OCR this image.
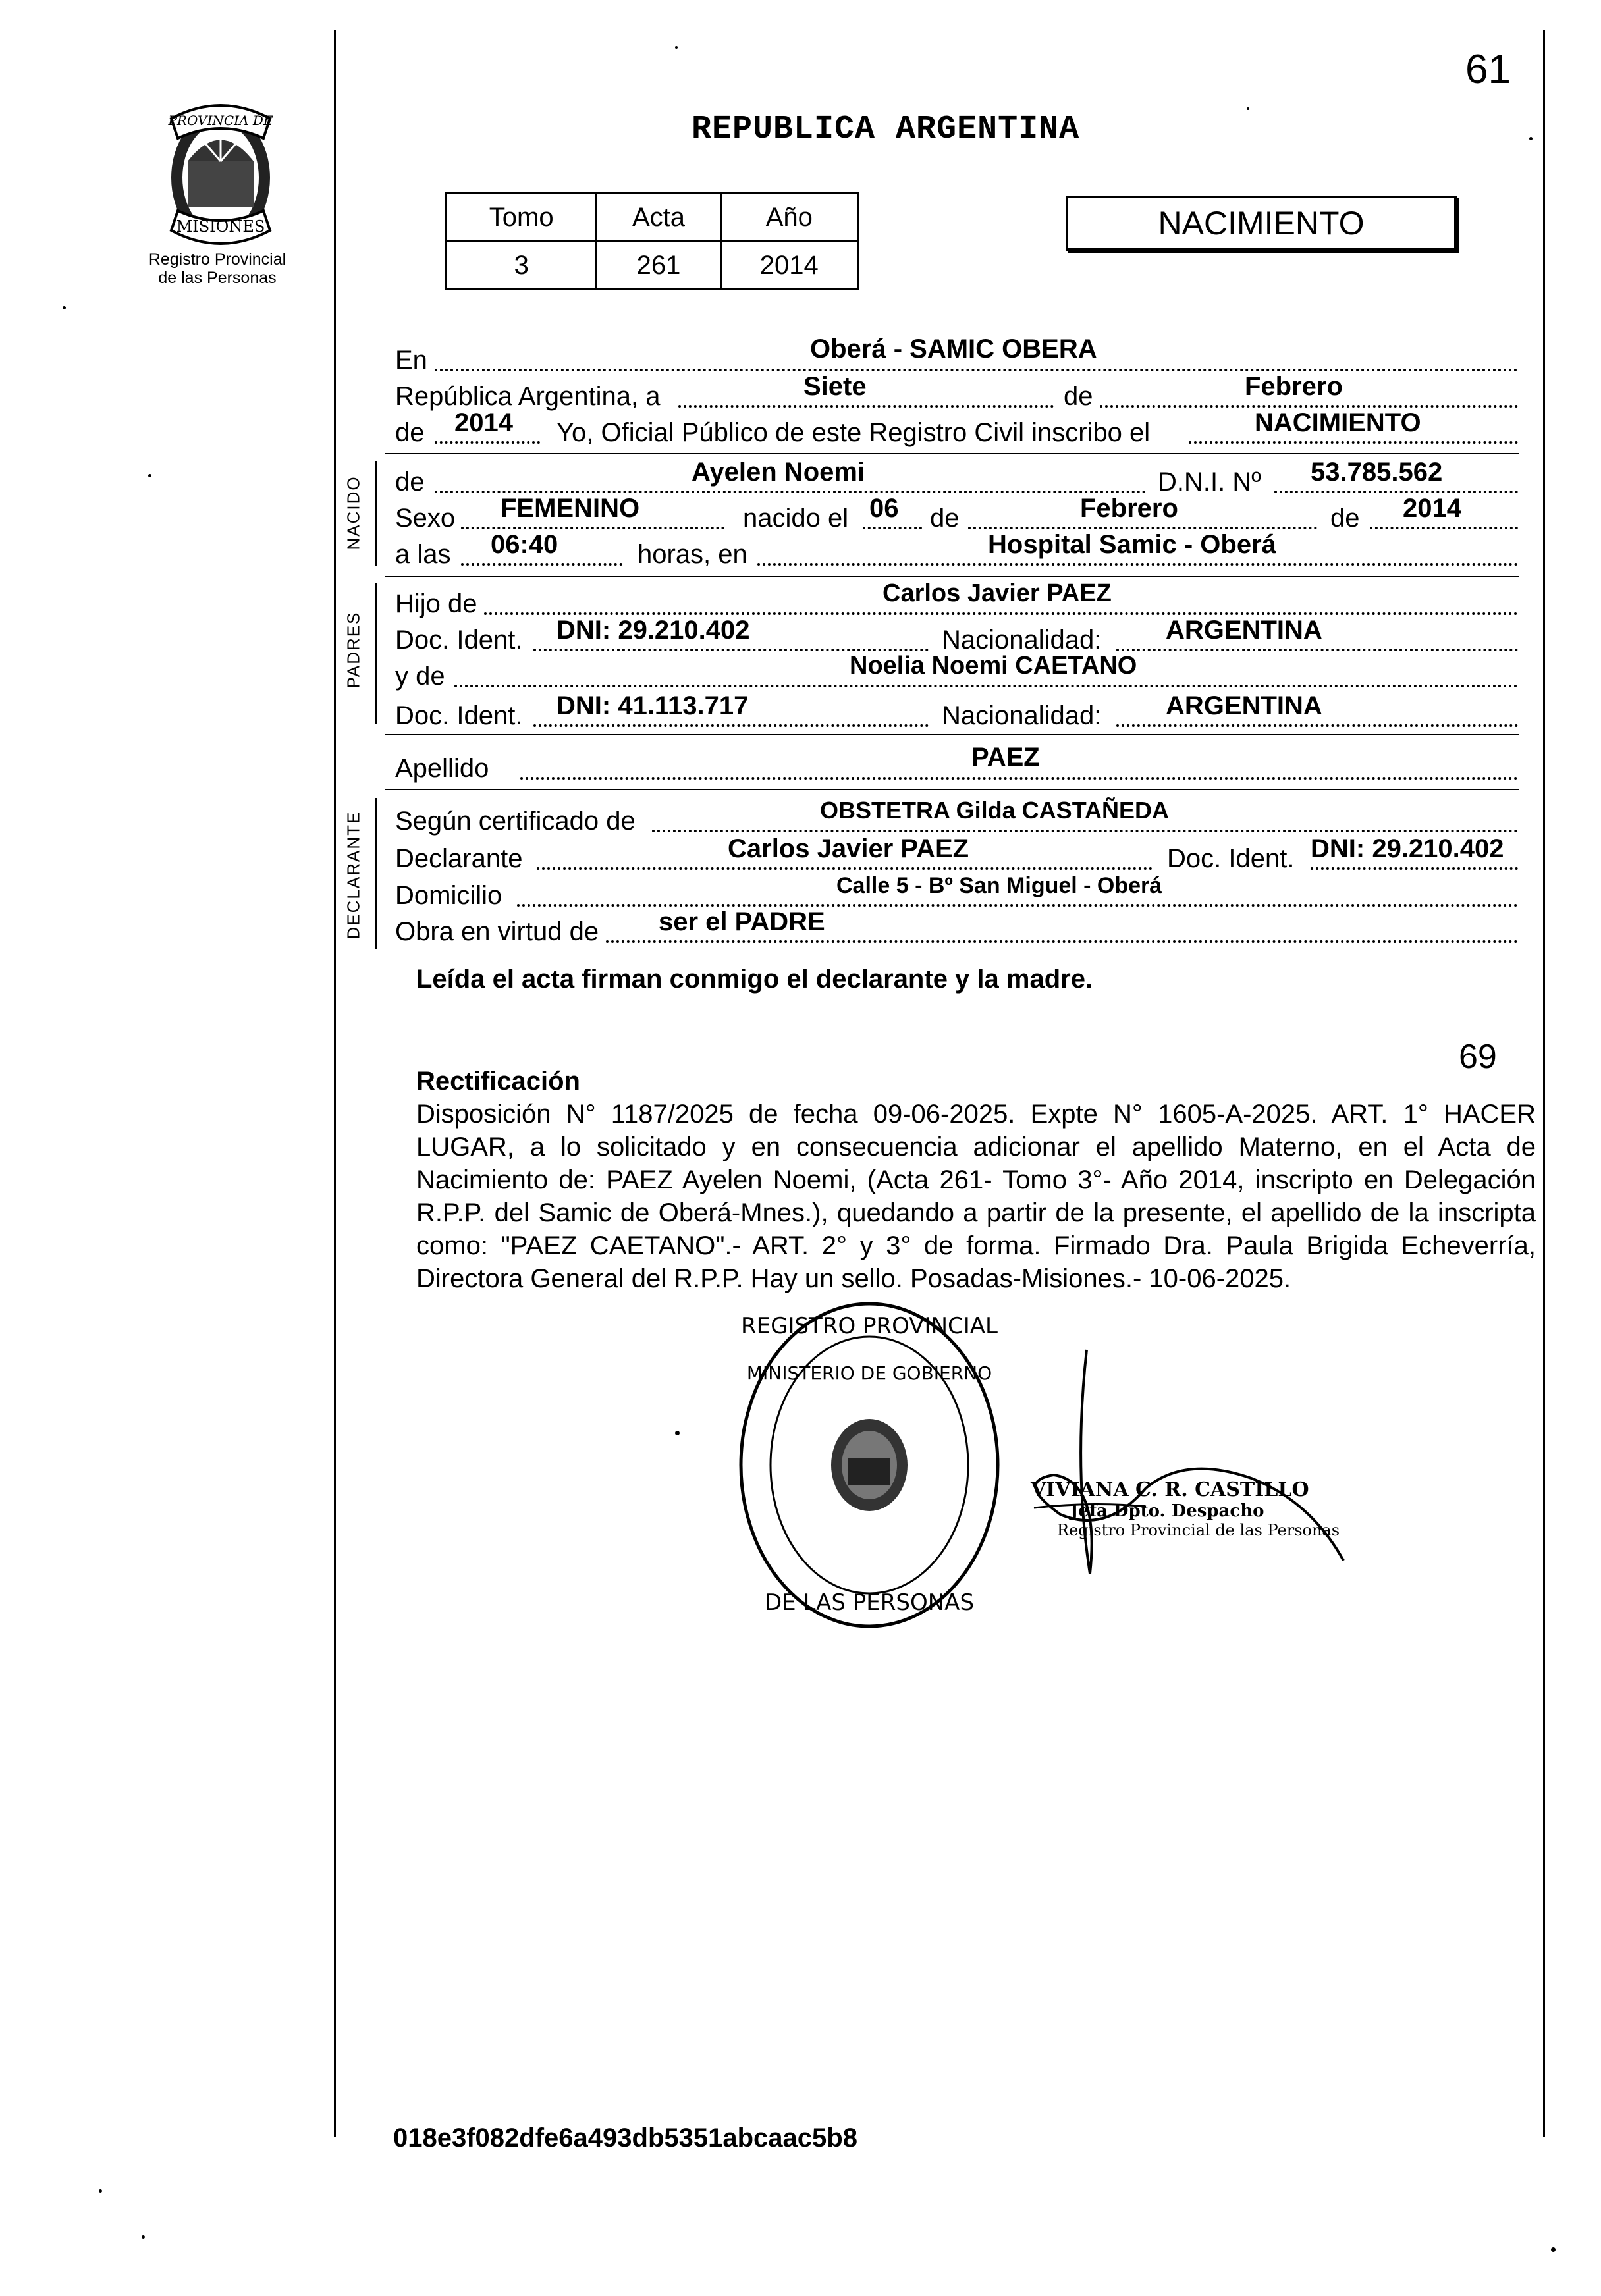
61
PROVINCIA DE
MISIONES
Registro Provincial
de las Personas
REPUBLICA ARGENTINA
Tomo	Acta	Año
3	261	2014
NACIMIENTO
En	Oberá - SAMIC OBERA
República Argentina, a	Siete	de	Febrero
de 2014 Yo, Oficial Público de este Registro Civil inscribo el	NACIMIENTO
NACIDO de	Ayelen Noemi	D.N.I. Nº 53.785.562
Sexo FEMENINO	nacido el 06 de	Febrero	de 2014
a las 06:40	horas, en	Hospital Samic - Oberá
PADRES
Hijo de	Carlos Javier PAEZ
Doc. Ident. DNI: 29.210.402	Nacionalidad: ARGENTINA
y de	Noelia Noemi CAETANO
Doc. Ident. DNI: 41.113.717	Nacionalidad: ARGENTINA
Apellido	PAEZ
DECLARANTE Según certificado de	OBSTETRA Gilda CASTAÑEDA
Declarante	Carlos Javier PAEZ	Doc. Ident. DNI: 29.210.402
Domicilio	Calle 5 - Bº San Miguel - Oberá
Obra en virtud de ser el PADRE
Leída el acta firman conmigo el declarante y la madre.
69
Rectificación
Disposición N° 1187/2025 de fecha 09-06-2025. Expte N° 1605-A-2025. ART. 1° HACER LUGAR, a lo solicitado y en consecuencia adicionar el apellido Materno, en el Acta de Nacimiento de: PAEZ Ayelen Noemi, (Acta 261- Tomo 3°- Año 2014, inscripto en Delegación R.P.P. del Samic de Oberá-Mnes.), quedando a partir de la presente, el apellido de la inscripta como: "PAEZ CAETANO".- ART. 2° y 3° de forma. Firmado Dra. Paula Brigida Echeverría, Directora General del R.P.P. Hay un sello. Posadas-Misiones.- 10-06-2025.
REGISTRO PROVINCIAL
DE LAS PERSONAS
MINISTERIO DE GOBIERNO
VIVIANA C. R. CASTILLO
Jefa Dpto. Despacho
Registro Provincial de las Personas
018e3f082dfe6a493db5351abcaac5b8
